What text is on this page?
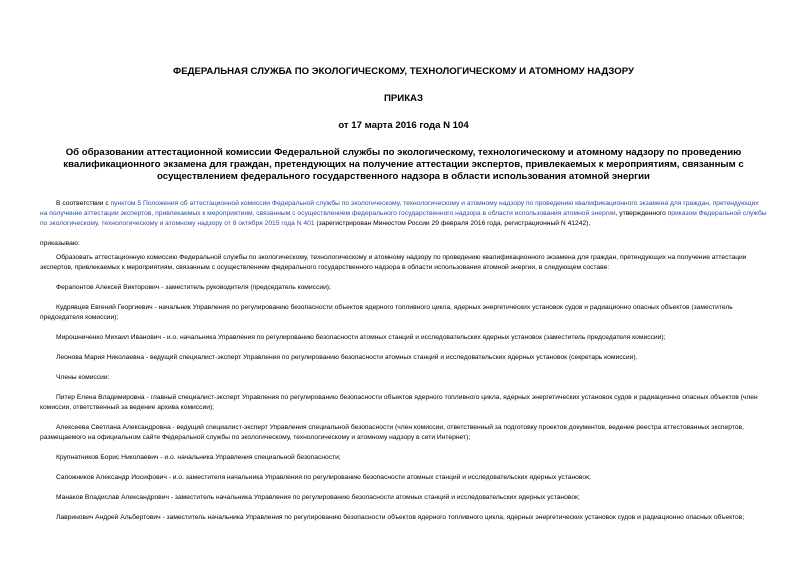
ФЕДЕРАЛЬНАЯ СЛУЖБА ПО ЭКОЛОГИЧЕСКОМУ, ТЕХНОЛОГИЧЕСКОМУ И АТОМНОМУ НАДЗОРУ
ПРИКАЗ
от 17 марта 2016 года N 104
Об образовании аттестационной комиссии Федеральной службы по экологическому, технологическому и атомному надзору по проведению квалификационного экзамена для граждан, претендующих на получение аттестации экспертов, привлекаемых к мероприятиям, связанным с осуществлением федерального государственного надзора в области использования атомной энергии

В соответствии с пунктом 5 Положения об аттестационной комиссии Федеральной службы по экологическому, технологическому и атомному надзору по проведению квалификационного экзамена для граждан, претендующих на получение аттестации экспертов, привлекаемых к мероприятиям, связанным с осуществлением федерального государственного надзора в области использования атомной энергии, утвержденного приказом Федеральной службы по экологическому, технологическому и атомному надзору от 8 октября 2015 года N 401 (зарегистрирован Минюстом России 29 февраля 2016 года, регистрационный N 41242),

приказываю:

Образовать аттестационную комиссию Федеральной службы по экологическому, технологическому и атомному надзору по проведению квалификационного экзамена для граждан, претендующих на получение аттестации экспертов, привлекаемых к мероприятиям, связанным с осуществлением федерального государственного надзора в области использования атомной энергии, в следующем составе:

Ферапонтов Алексей Викторович - заместитель руководителя (председатель комиссии);

Кудрявцев Евгений Георгиевич - начальник Управления по регулированию безопасности объектов ядерного топливного цикла, ядерных энергетических установок судов и радиационно опасных объектов (заместитель председателя комиссии);

Мирошниченко Михаил Иванович - и.о. начальника Управления по регулированию безопасности атомных станций и исследовательских ядерных установок (заместитель председателя комиссии);

Леонова Мария Николаевна - ведущий специалист-эксперт Управления по регулированию безопасности атомных станций и исследовательских ядерных установок (секретарь комиссии).

Члены комиссии:

Питер Елена Владимировна - главный специалист-эксперт Управления по регулированию безопасности объектов ядерного топливного цикла, ядерных энергетических установок судов и радиационно опасных объектов (член комиссии, ответственный за ведение архива комиссии);

Алексеева Светлана Александровна - ведущий специалист-эксперт Управления специальной безопасности (член комиссии, ответственный за подготовку проектов документов, ведение реестра аттестованных экспертов, размещаемого на официальном сайте Федеральной службы по экологическому, технологическому и атомному надзору в сети Интернет);

Крупнатников Борис Николаевич - и.о. начальника Управления специальной безопасности;

Сапожников Александр Иосифович - и.о. заместителя начальника Управления по регулированию безопасности атомных станций и исследовательских ядерных установок;

Манаков Владислав Александрович - заместитель начальника Управления по регулированию безопасности атомных станций и исследовательских ядерных установок;

Лавринович Андрей Альбертович - заместитель начальника Управления по регулированию безопасности объектов ядерного топливного цикла, ядерных энергетических установок судов и радиационно опасных объектов;
